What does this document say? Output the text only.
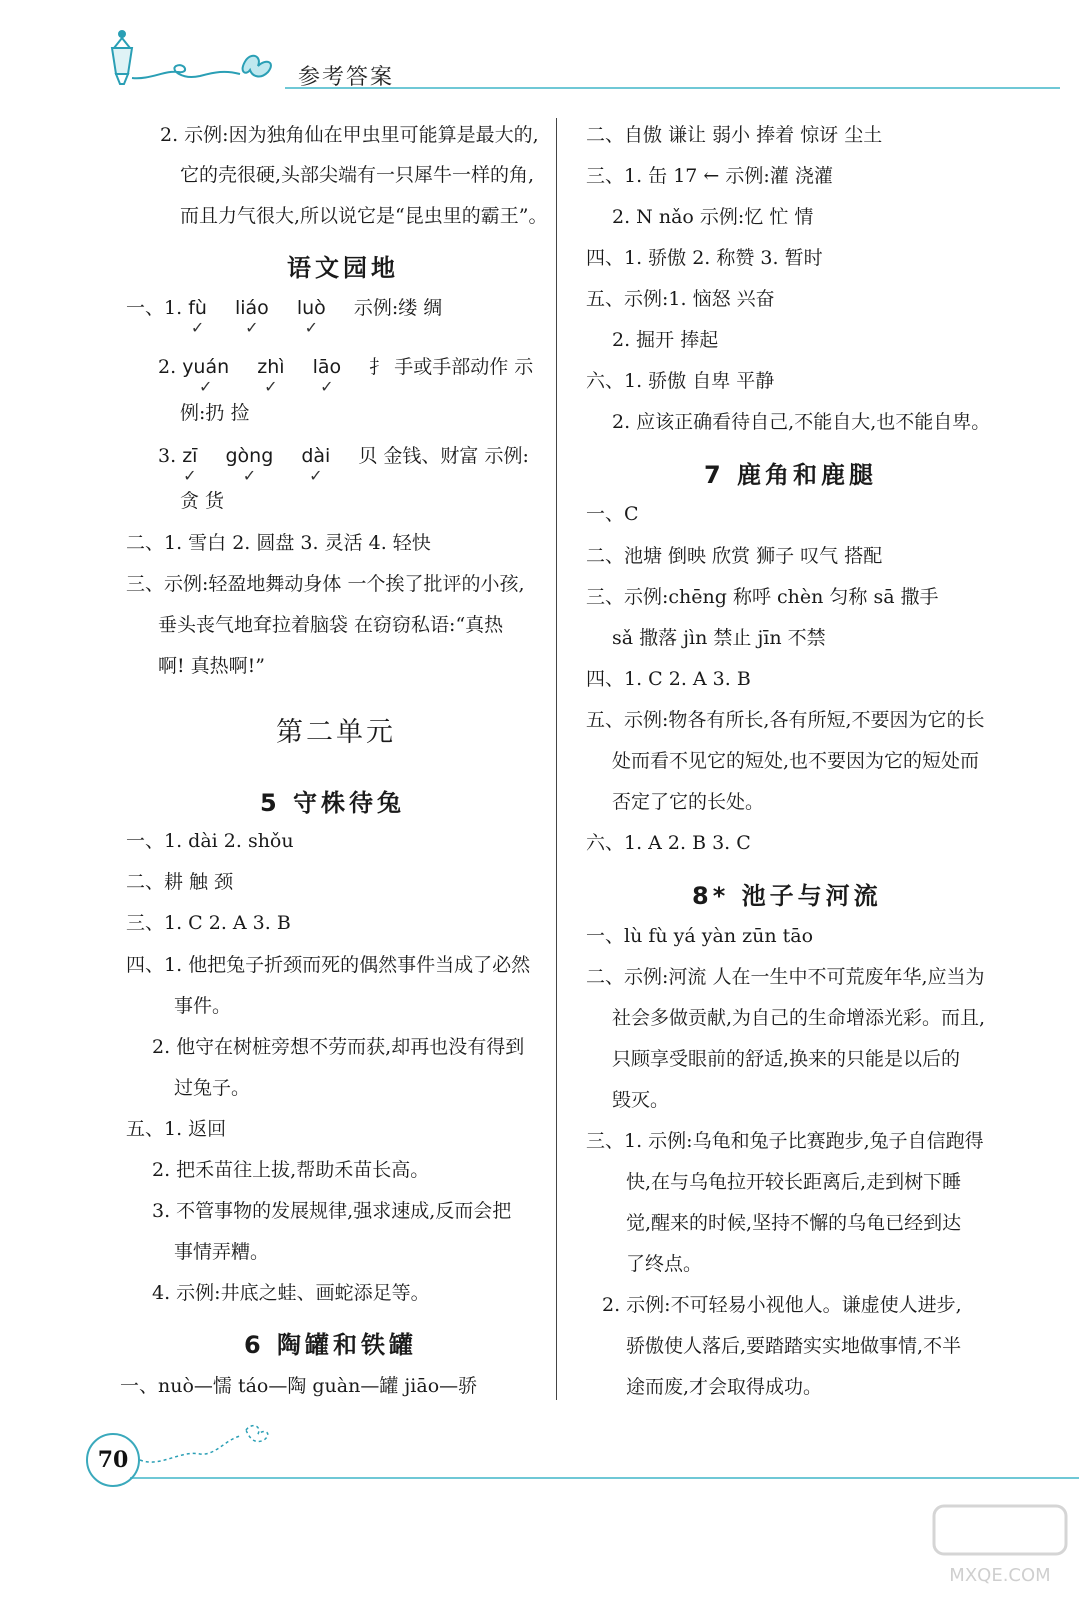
参考答案
2. 示例:因为独角仙在甲虫里可能算是最大的,
它的壳很硬,头部尖端有一只犀牛一样的角,
而且力气很大,所以说它是“昆虫里的霸王”。
语文园地
一、1. fù
✓
liáo
✓
luò
✓
示例:缕 绸
2. yuán
✓
zhì
✓
lāo
✓
扌 手或手部动作 示
例:扔 捡
3. zī
✓
gòng
✓
dài
✓
贝 金钱、财富 示例:
贪 货
二、1. 雪白 2. 圆盘 3. 灵活 4. 轻快
三、示例:轻盈地舞动身体 一个挨了批评的小孩,
垂头丧气地耷拉着脑袋 在窃窃私语:“真热
啊! 真热啊!”
第二单元
5 守株待兔
一、1. dài 2. shǒu
二、耕 触 颈
三、1. C 2. A 3. B
四、1. 他把兔子折颈而死的偶然事件当成了必然
事件。
2. 他守在树桩旁想不劳而获,却再也没有得到
过兔子。
五、1. 返回
2. 把禾苗往上拔,帮助禾苗长高。
3. 不管事物的发展规律,强求速成,反而会把
事情弄糟。
4. 示例:井底之蛙、画蛇添足等。
6 陶罐和铁罐
一、nuò—懦 táo—陶 guàn—罐 jiāo—骄
二、自傲 谦让 弱小 捧着 惊讶 尘土
三、1. 缶 17 ← 示例:灌 浇灌
2. N nǎo 示例:忆 忙 情
四、1. 骄傲 2. 称赞 3. 暂时
五、示例:1. 恼怒 兴奋
2. 掘开 捧起
六、1. 骄傲 自卑 平静
2. 应该正确看待自己,不能自大,也不能自卑。
7 鹿角和鹿腿
一、C
二、池塘 倒映 欣赏 狮子 叹气 搭配
三、示例:chēng 称呼 chèn 匀称 sā 撒手
sǎ 撒落 jìn 禁止 jīn 不禁
四、1. C 2. A 3. B
五、示例:物各有所长,各有所短,不要因为它的长
处而看不见它的短处,也不要因为它的短处而
否定了它的长处。
六、1. A 2. B 3. C
8* 池子与河流
一、lù fù yá yàn zūn tāo
二、示例:河流 人在一生中不可荒废年华,应当为
社会多做贡献,为自己的生命增添光彩。而且,
只顾享受眼前的舒适,换来的只能是以后的
毁灭。
三、1. 示例:乌龟和兔子比赛跑步,兔子自信跑得
快,在与乌龟拉开较长距离后,走到树下睡
觉,醒来的时候,坚持不懈的乌龟已经到达
了终点。
2. 示例:不可轻易小视他人。谦虚使人进步,
骄傲使人落后,要踏踏实实地做事情,不半
途而废,才会取得成功。
70
MXQE.COM
